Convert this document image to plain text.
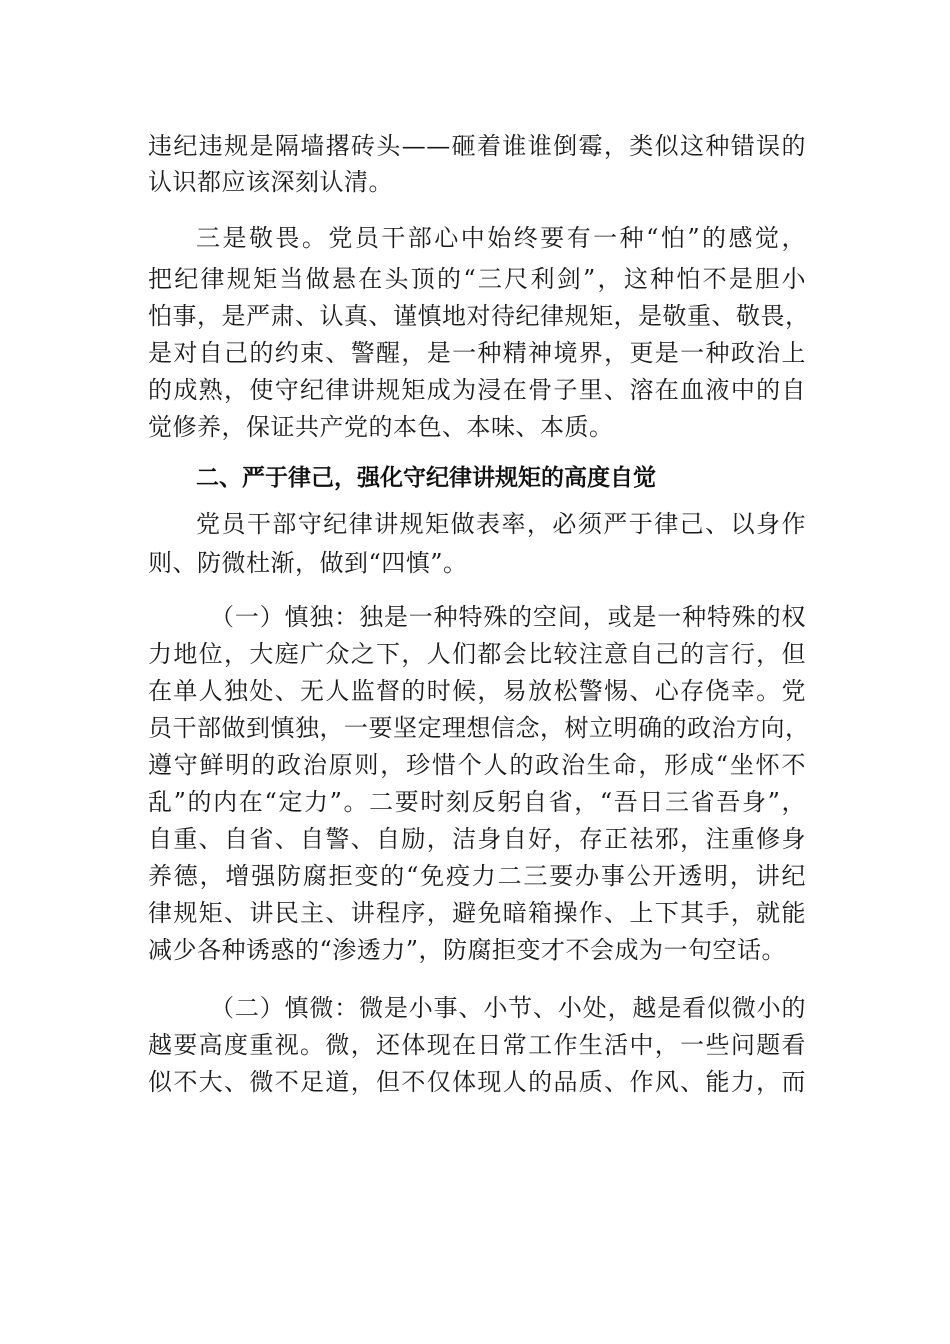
违纪违规是隔墙撂砖头——砸着谁谁倒霉，类似这种错误的
认识都应该深刻认清。
三是敬畏。党员干部心中始终要有一种“怕”的感觉，
把纪律规矩当做悬在头顶的“三尺利剑”，这种怕不是胆小
怕事，是严肃、认真、谨慎地对待纪律规矩，是敬重、敬畏，
是对自己的约束、警醒，是一种精神境界，更是一种政治上
的成熟，使守纪律讲规矩成为浸在骨子里、溶在血液中的自
觉修养，保证共产党的本色、本味、本质。
二、严于律己，强化守纪律讲规矩的高度自觉
党员干部守纪律讲规矩做表率，必须严于律己、以身作
则、防微杜渐，做到“四慎”。
（一）慎独：独是一种特殊的空间，或是一种特殊的权
力地位，大庭广众之下，人们都会比较注意自己的言行，但
在单人独处、无人监督的时候，易放松警惕、心存侥幸。党
员干部做到慎独，一要坚定理想信念，树立明确的政治方向，
遵守鲜明的政治原则，珍惜个人的政治生命，形成“坐怀不
乱”的内在“定力”。二要时刻反躬自省，“吾日三省吾身”，
自重、自省、自警、自励，洁身自好，存正祛邪，注重修身
养德，增强防腐拒变的“免疫力二三要办事公开透明，讲纪
律规矩、讲民主、讲程序，避免暗箱操作、上下其手，就能
减少各种诱惑的“渗透力”，防腐拒变才不会成为一句空话。
（二）慎微：微是小事、小节、小处，越是看似微小的
越要高度重视。微，还体现在日常工作生活中，一些问题看
似不大、微不足道，但不仅体现人的品质、作风、能力，而
